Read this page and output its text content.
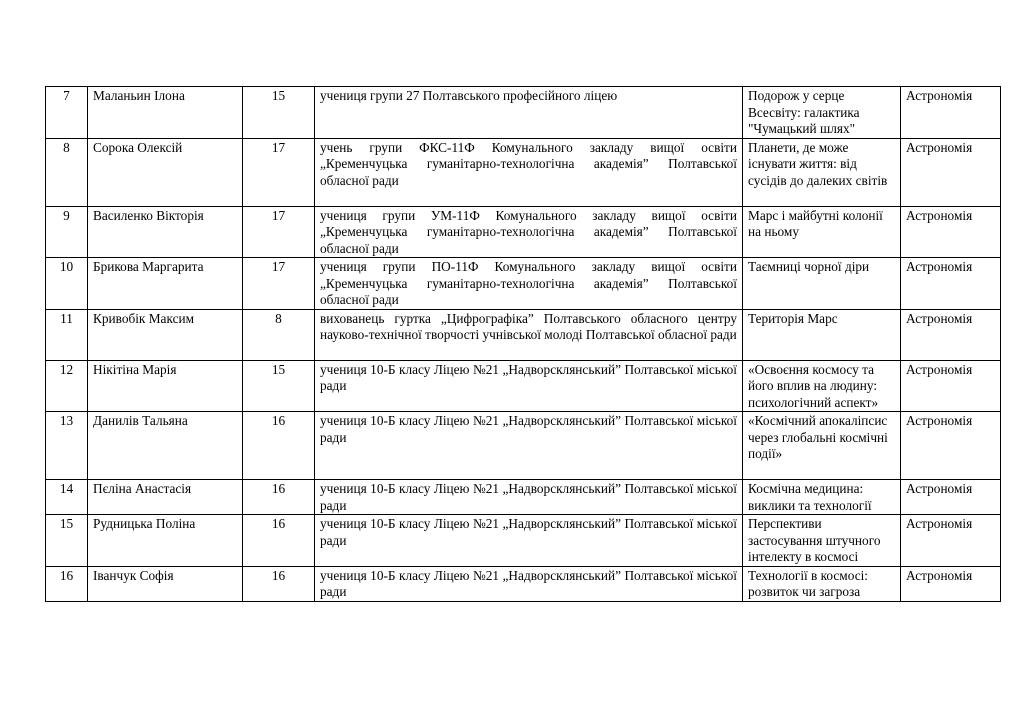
7	Маланьин Ілона	15	учениця групи 27 Полтавського професійного ліцею	Подорож у серце Всесвіту: галактика "Чумацький шлях"	Астрономія
8	Сорока Олексій	17	учень групи ФКС-11Ф Комунального закладу вищої освіти „Кременчуцька гуманітарно-технологічна академія” Полтавської обласної ради	Планети, де може існувати життя: від сусідів до далеких світів	Астрономія
9	Василенко Вікторія	17	учениця групи УМ-11Ф Комунального закладу вищої освіти „Кременчуцька гуманітарно-технологічна академія” Полтавської обласної ради	Марс і майбутні колонії на ньому	Астрономія
10	Брикова Маргарита	17	учениця групи ПО-11Ф Комунального закладу вищої освіти „Кременчуцька гуманітарно-технологічна академія” Полтавської обласної ради	Таємниці чорної діри	Астрономія
11	Кривобік Максим	8	вихованець гуртка „Цифрографіка” Полтавського обласного центру науково-технічної творчості учнівської молоді Полтавської обласної ради	Територія Марс	Астрономія
12	Нікітіна Марія	15	учениця 10-Б класу Ліцею №21 „Надворсклянський” Полтавської міської ради	«Освоєння космосу та його вплив на людину: психологічний аспект»	Астрономія
13	Данилів Тальяна	16	учениця 10-Б класу Ліцею №21 „Надворсклянський” Полтавської міської ради	«Космічний апокаліпсис через глобальні космічні події»	Астрономія
14	Пєліна Анастасія	16	учениця 10-Б класу Ліцею №21 „Надворсклянський” Полтавської міської ради	Космічна медицина: виклики та технології	Астрономія
15	Рудницька Поліна	16	учениця 10-Б класу Ліцею №21 „Надворсклянський” Полтавської міської ради	Перспективи застосування штучного інтелекту в космосі	Астрономія
16	Іванчук Софія	16	учениця 10-Б класу Ліцею №21 „Надворсклянський” Полтавської міської ради	Технології в космосі: розвиток чи загроза	Астрономія
